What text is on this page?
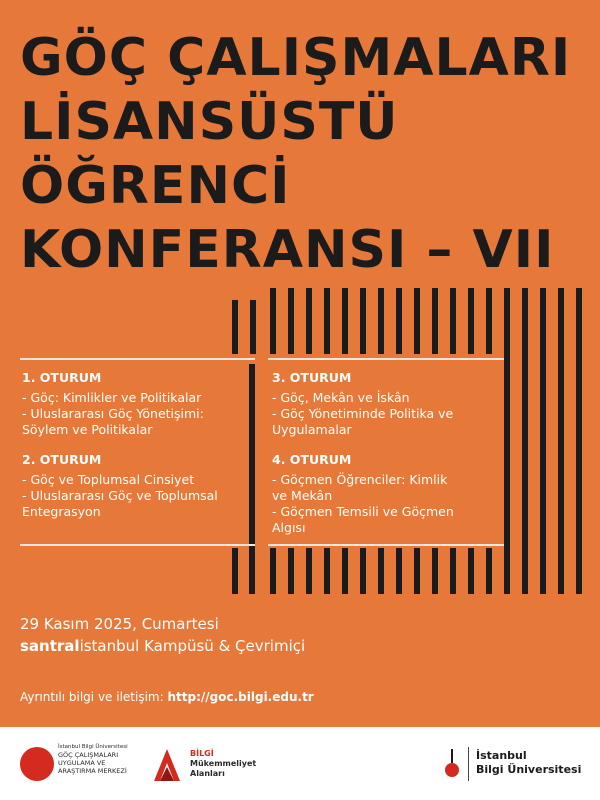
GÖÇ ÇALIŞMALARI
LİSANSÜSTÜ
ÖĞRENCİ
KONFERANSI – VII
1. OTURUM
- Göç: Kimlikler ve Politikalar
- Uluslararası Göç Yönetişimi:
Söylem ve Politikalar
2. OTURUM
- Göç ve Toplumsal Cinsiyet
- Uluslararası Göç ve Toplumsal
Entegrasyon
3. OTURUM
- Göç, Mekân ve İskân
- Göç Yönetiminde Politika ve
Uygulamalar
4. OTURUM
- Göçmen Öğrenciler: Kimlik
ve Mekân
- Göçmen Temsili ve Göçmen
Algısı
29 Kasım 2025, Cumartesi
santralistanbul Kampüsü & Çevrimiçi
Ayrıntılı bilgi ve iletişim: http://goc.bilgi.edu.tr
İstanbul Bilgi Üniversitesi
GÖÇ ÇALIŞMALARI
UYGULAMA VE
ARAŞTIRMA MERKEZİ
BİLGİ
Mükemmeliyet
Alanları
İstanbul
Bilgi Üniversitesi
